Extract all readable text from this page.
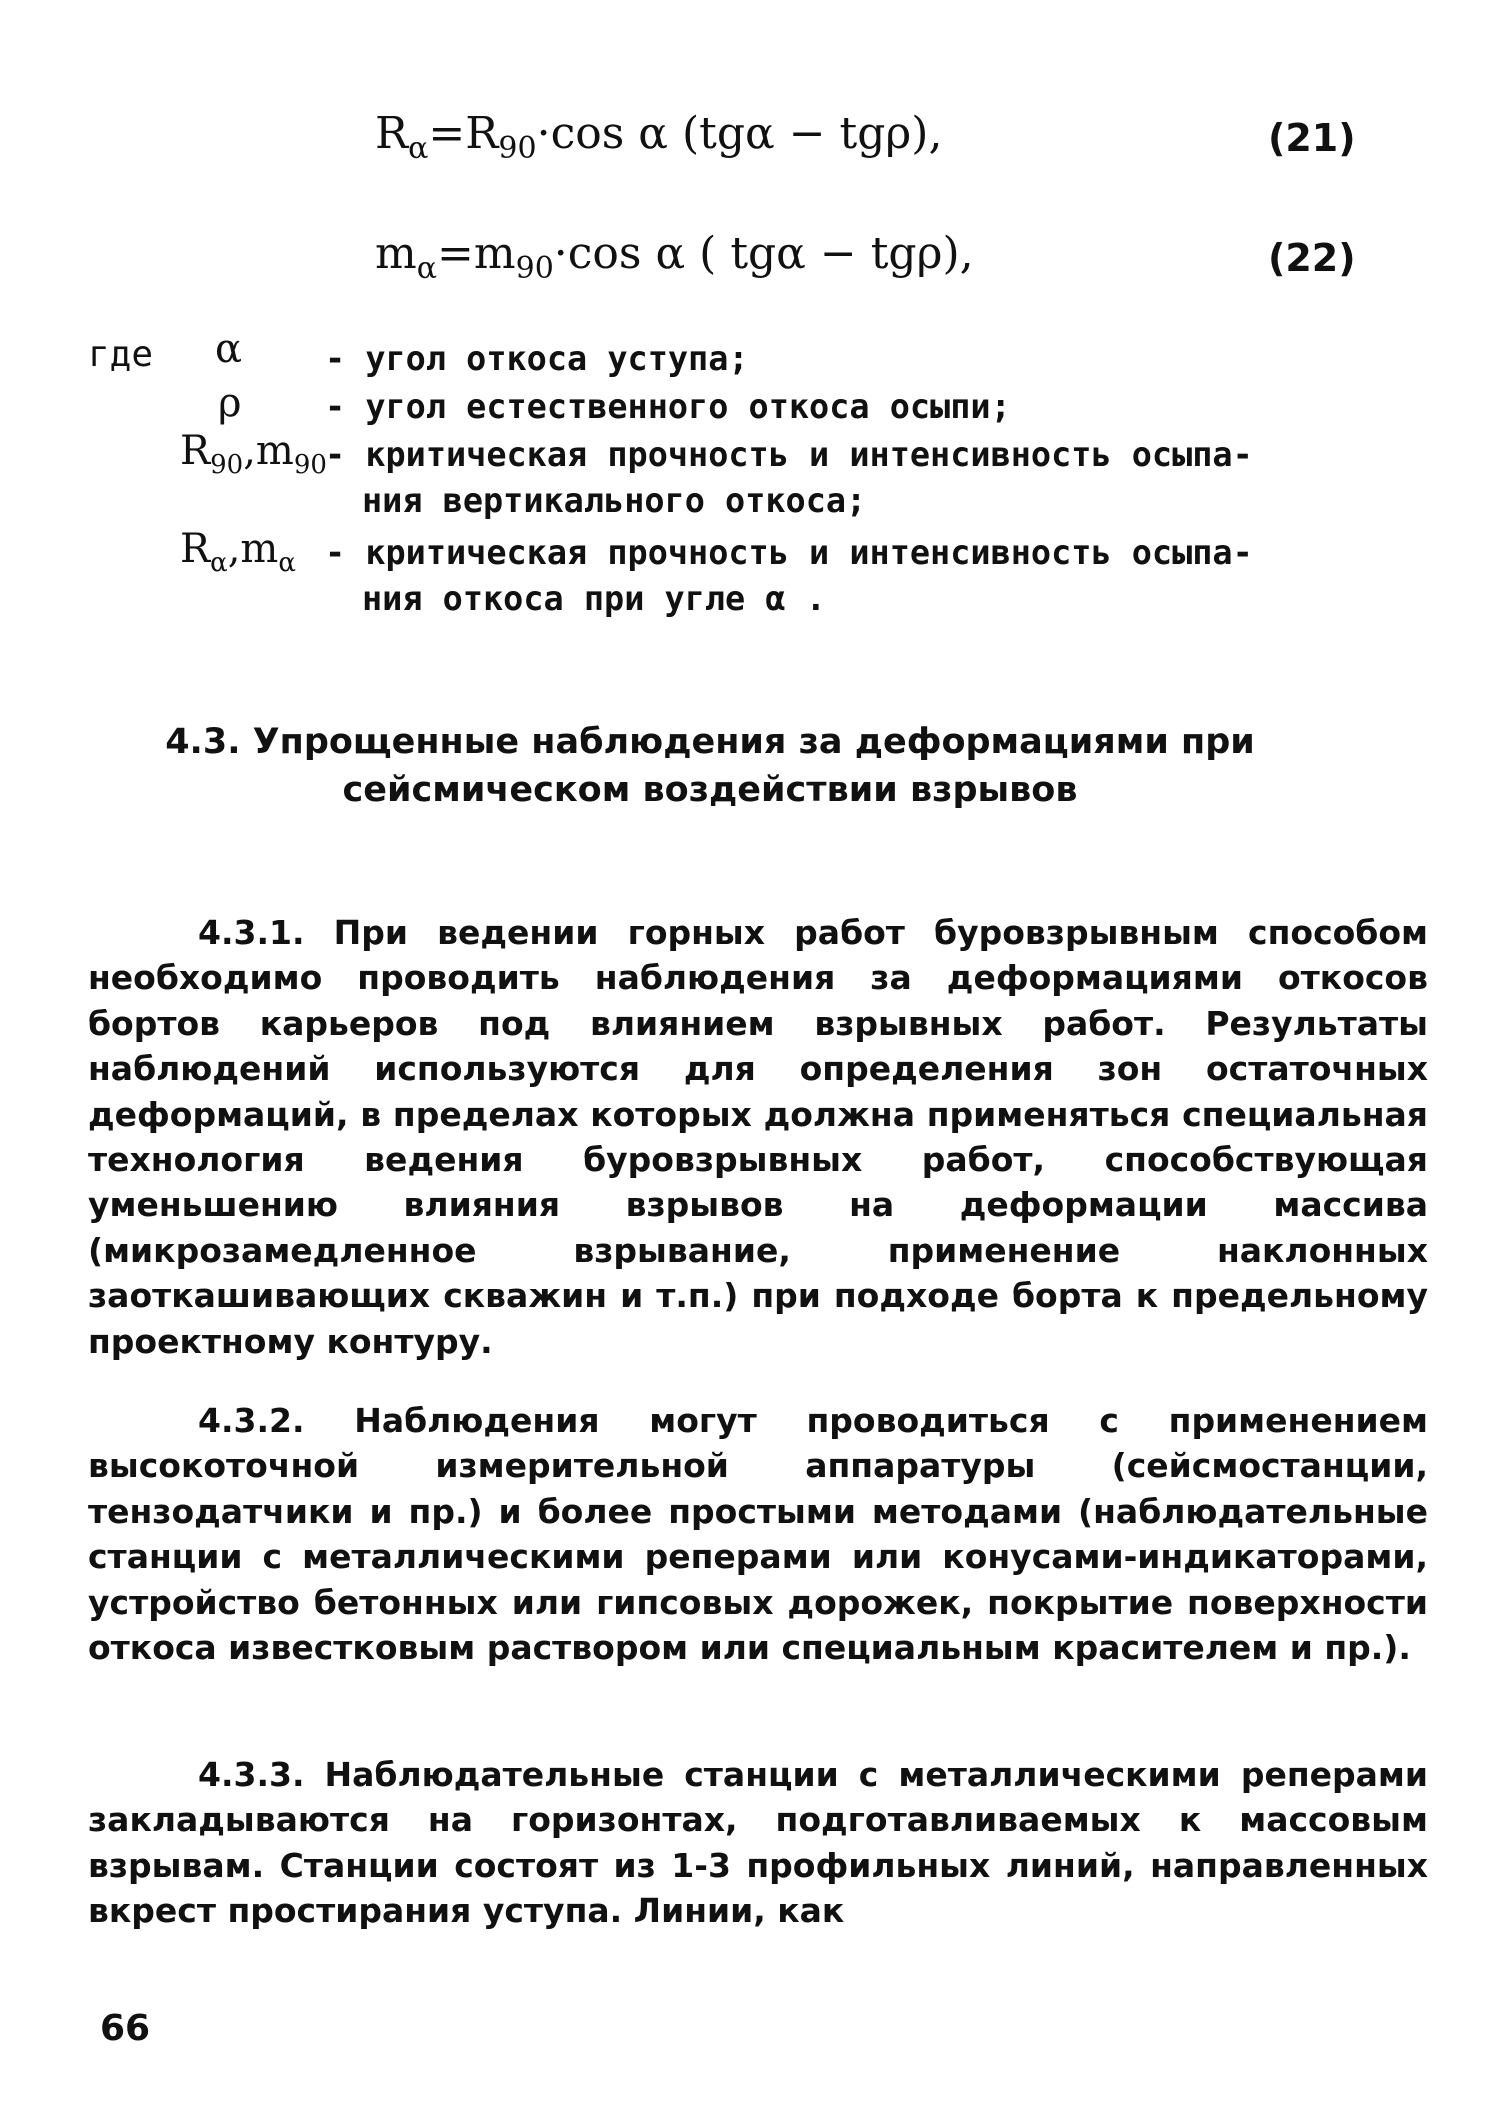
$R_\alpha=R_{90}\cdot\cos$ α (tgα − tgρ),	(21)
$m_\alpha=m_{90}\cdot\cos$ α ( tgα − tgρ),	(22)
где α - угол откоса уступа;
ρ - угол естественного откоса осыпи;
$R_{90},m_{90}$
- критическая прочность и интенсивность осыпа-
ния вертикального откоса;
$R_\alpha,m_\alpha$ - критическая прочность и интенсивность осыпа-
ния откоса при угле α .
4.3. Упрощенные наблюдения за деформациями при
сейсмическом воздействии взрывов
4.3.1. При ведении горных работ буровзрывным способом необходимо проводить наблюдения за деформациями откосов бортов карьеров под влиянием взрывных работ. Результаты наблюдений используются для определения зон остаточных деформаций, в пределах которых должна применяться специальная технология ведения буровзрывных работ, способствующая уменьшению влияния взрывов на деформации массива (микрозамедленное взрывание, применение наклонных заоткашивающих скважин и т.п.) при подходе борта к предельному проектному контуру.
4.3.2. Наблюдения могут проводиться с применением высокоточной измерительной аппаратуры (сейсмостанции, тензодатчики и пр.) и более простыми методами (наблюдательные станции с металлическими реперами или конусами-индикаторами, устройство бетонных или гипсовых дорожек, покрытие поверхности откоса известковым раствором или специальным красителем и пр.).
4.3.3. Наблюдательные станции с металлическими реперами закладываются на горизонтах, подготавливаемых к массовым взрывам. Станции состоят из 1-3 профильных линий, направленных вкрест простирания уступа. Линии, как
66
